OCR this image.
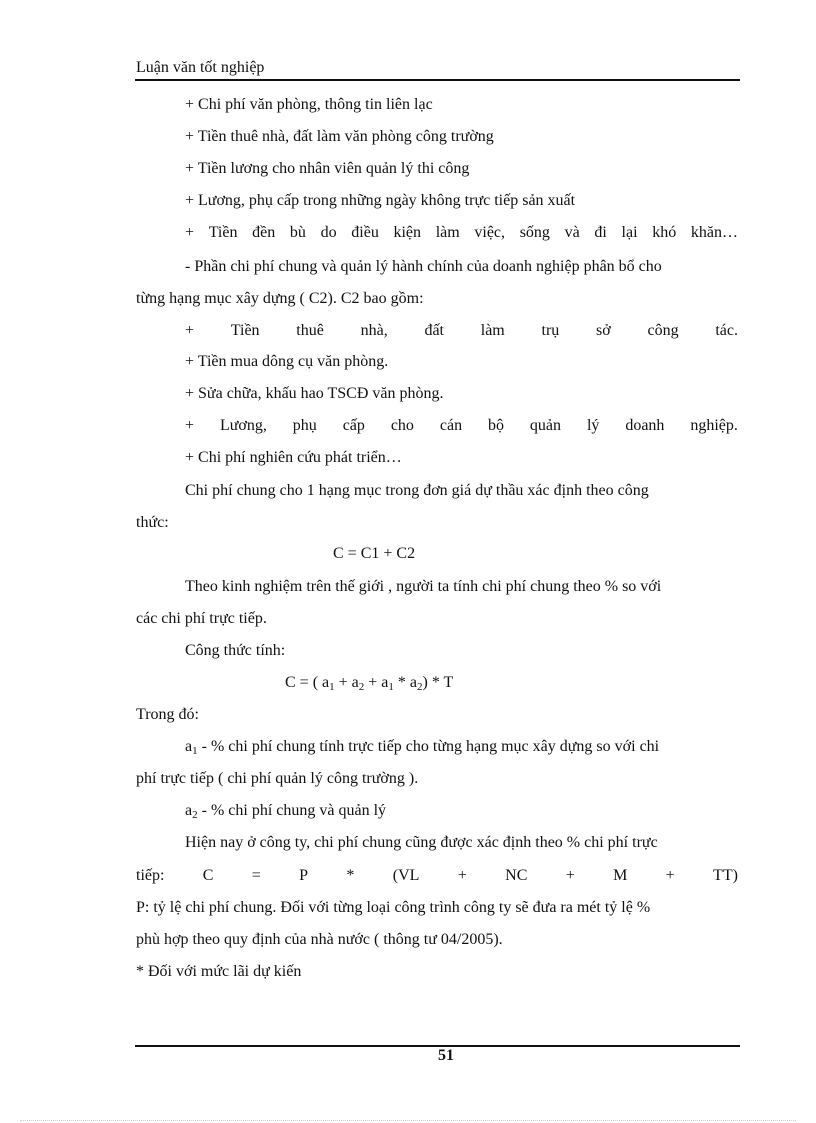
Luận văn tốt nghiệp
+ Chi phí văn phòng, thông tin liên lạc
+ Tiền thuê nhà, đất làm văn phòng công trường
+ Tiền lương cho nhân viên quản lý thi công
+ Lương, phụ cấp trong những ngày không trực tiếp sản xuất
+ Tiền đền bù do điều kiện làm việc, sống và đi lại khó khăn…
- Phần chi phí chung và quản lý hành chính của doanh nghiệp phân bổ cho
từng hạng mục xây dựng ( C2). C2 bao gồm:
+ Tiền thuê nhà, đất làm trụ sở công tác.
+ Tiền mua dông cụ văn phòng.
+ Sửa chữa, khấu hao TSCĐ văn phòng.
+ Lương, phụ cấp cho cán bộ quản lý doanh nghiệp.
+ Chi phí nghiên cứu phát triển…
Chi phí chung cho 1 hạng mục trong đơn giá dự thầu xác định theo công
thức:
C = C1 + C2
Theo kinh nghiệm trên thế giới , người ta tính chi phí chung theo % so với
các chi phí trực tiếp.
Công thức tính:
C = ( $a_1 + a_2 + a_1 * a_2) * T$
Trong đó:
$a_1$ - % chi phí chung tính trực tiếp cho từng hạng mục xây dựng so với chi
phí trực tiếp ( chi phí quản lý công trường ).
$a_2$ - % chi phí chung và quản lý
Hiện nay ở công ty, chi phí chung cũng được xác định theo % chi phí trực
tiếp: C = P * (VL + NC + M + TT)
P: tỷ lệ chi phí chung. Đối với từng loại công trình công ty sẽ đưa ra mét tỷ lệ %
phù hợp theo quy định của nhà nước ( thông tư 04/2005).
* Đối với mức lãi dự kiến
51
